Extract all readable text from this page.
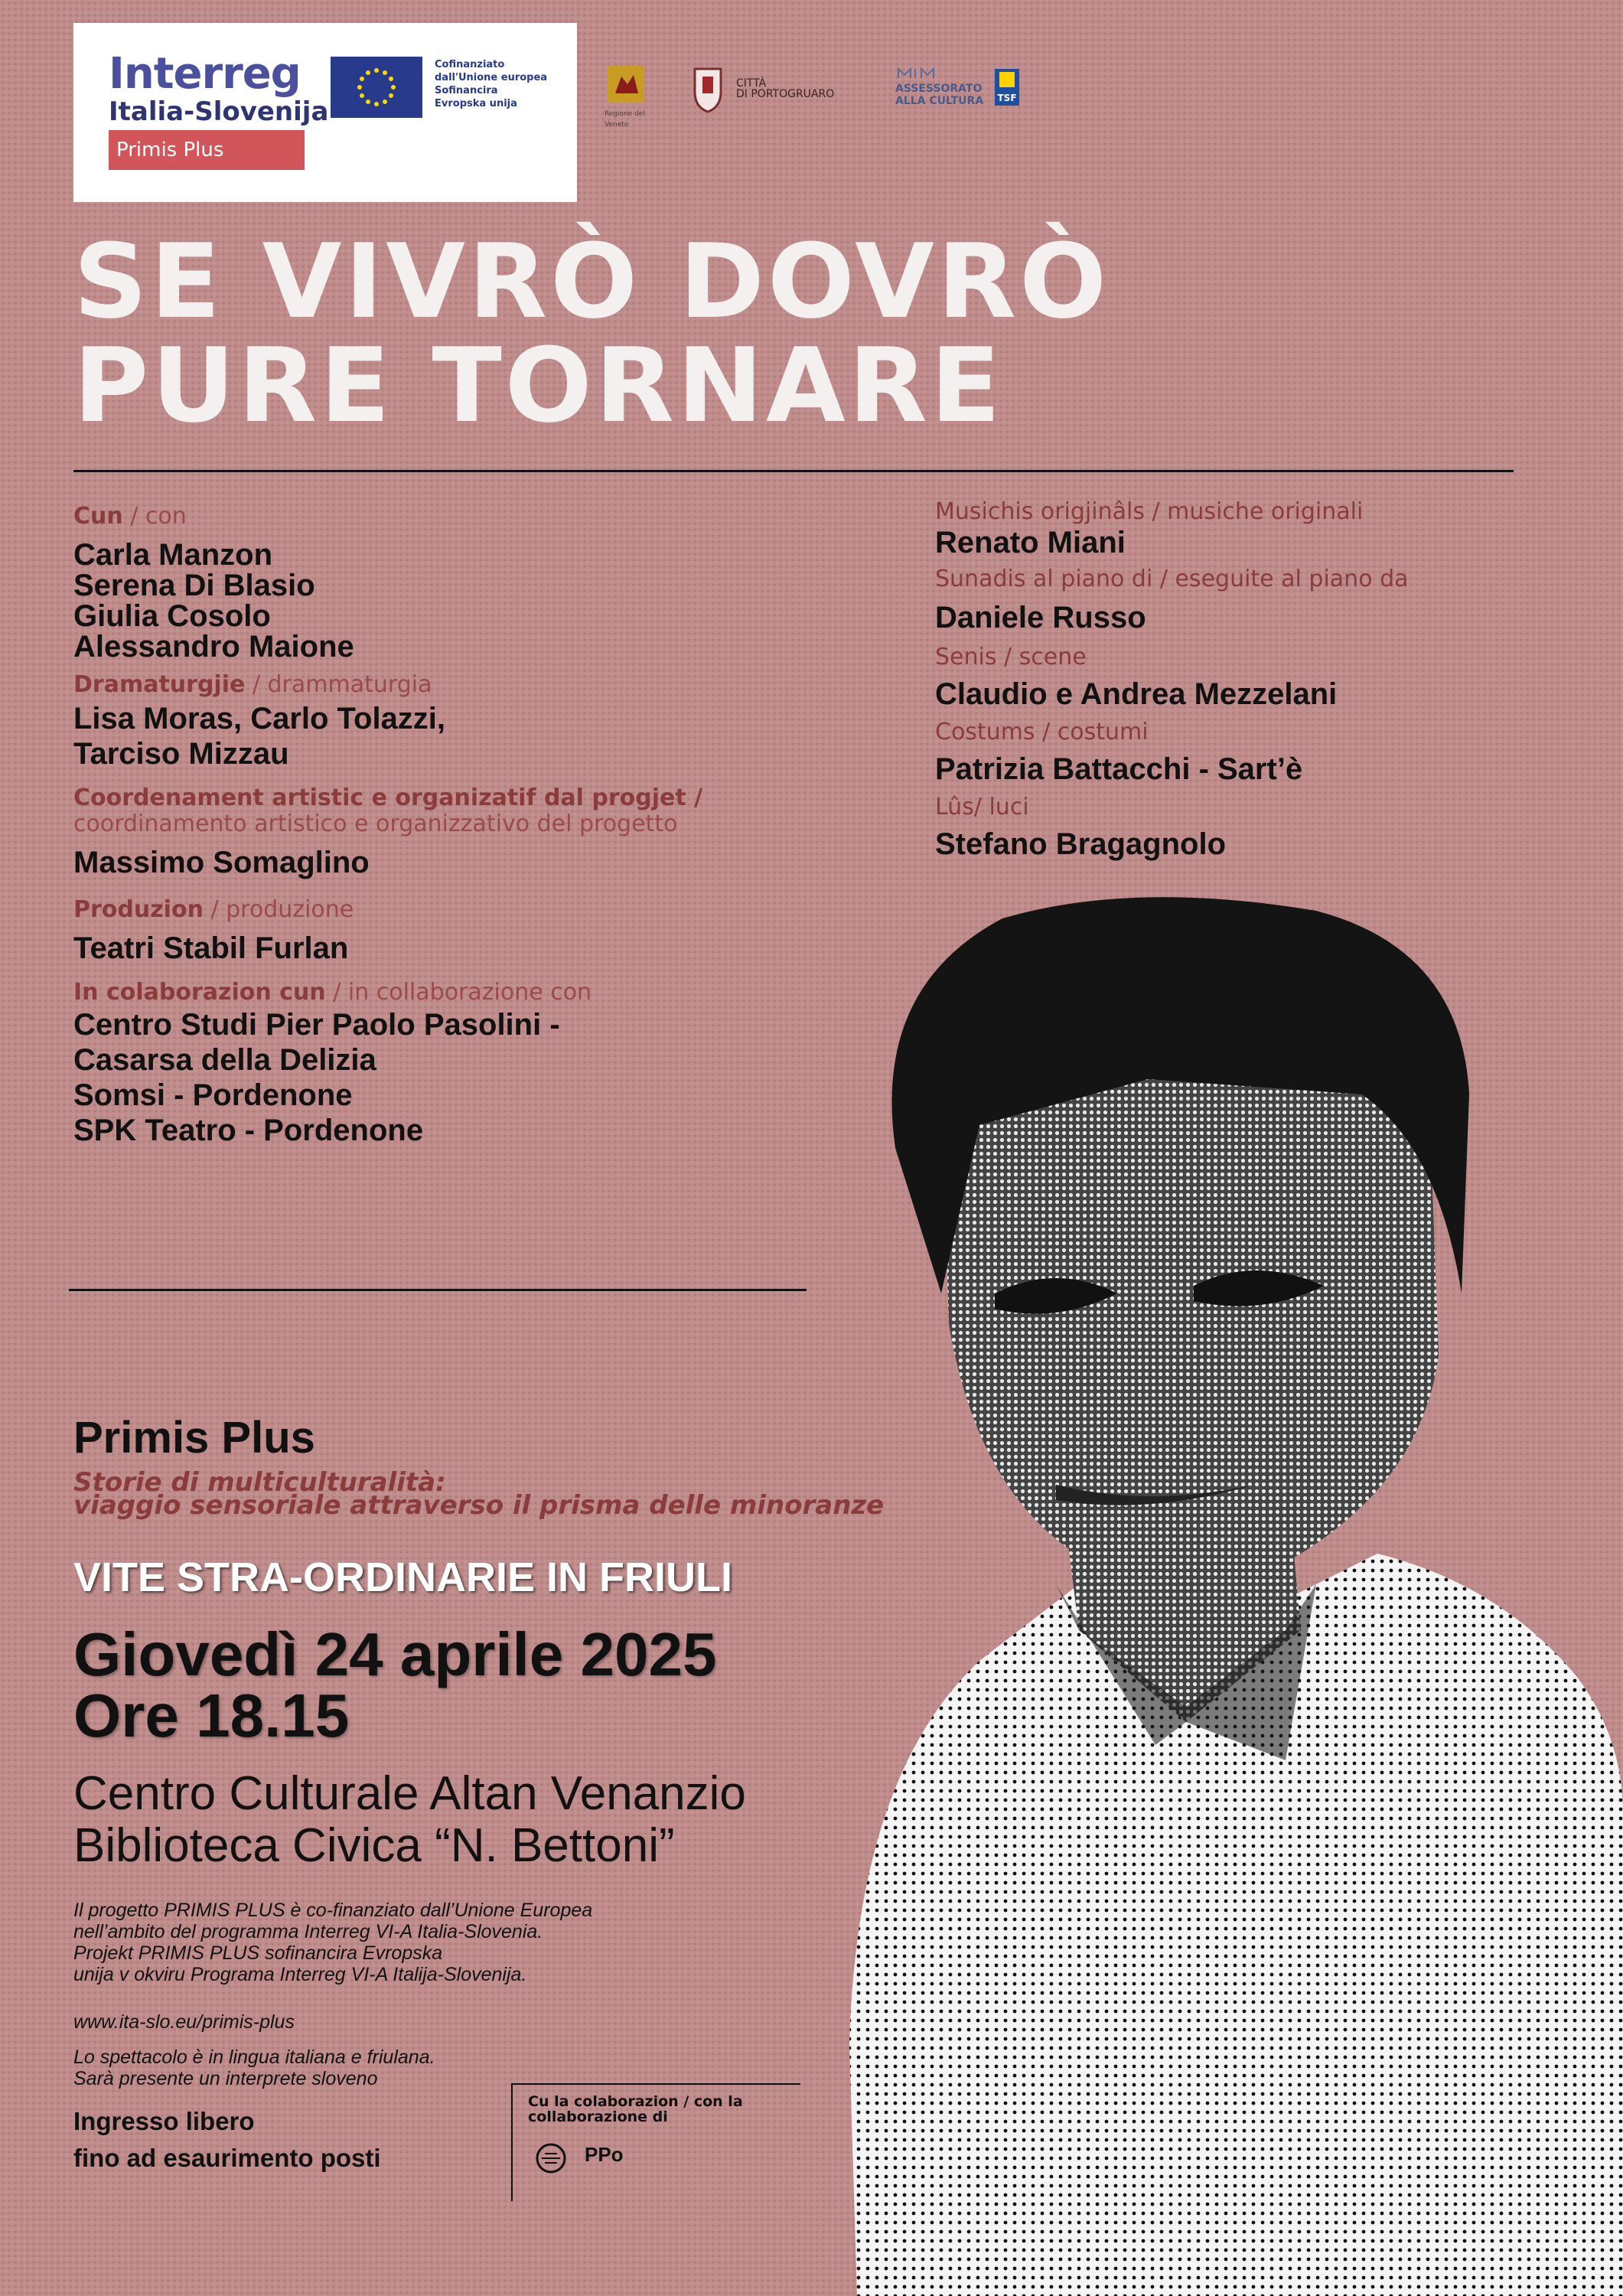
Interreg
Italia-Slovenija
Primis Plus
Cofinanziato
dall'Unione europea
Sofinancira
Evropska unija
Regione del Veneto
CITTÀ
DI PORTOGRUARO	ASSESSORATO
ALLA CULTURA TSF
SE VIVRÒ DOVRÒ
PURE TORNARE
Cun / con
Carla Manzon
Serena Di Blasio
Giulia Cosolo
Alessandro Maione
Dramaturgjie / drammaturgia
Lisa Moras, Carlo Tolazzi,
Tarciso Mizzau
Coordenament artistic e organizatif dal progjet /
coordinamento artistico e organizzativo del progetto
Massimo Somaglino
Produzion / produzione
Teatri Stabil Furlan
In colaborazion cun / in collaborazione con
Centro Studi Pier Paolo Pasolini -
Casarsa della Delizia
Somsi - Pordenone
SPK Teatro - Pordenone
Musichis origjinâls / musiche originali
Renato Miani
Sunadis al piano di / eseguite al piano da
Daniele Russo
Senis / scene
Claudio e Andrea Mezzelani
Costums / costumi
Patrizia Battacchi - Sart’è
Lûs/ luci
Stefano Bragagnolo
Primis Plus
Storie di multiculturalità:
viaggio sensoriale attraverso il prisma delle minoranze
VITE STRA-ORDINARIE IN FRIULI
Giovedì 24 aprile 2025
Ore 18.15
Centro Culturale Altan Venanzio
Biblioteca Civica “N. Bettoni”
Il progetto PRIMIS PLUS è co-finanziato dall’Unione Europea
nell’ambito del programma Interreg VI-A Italia-Slovenia.
Projekt PRIMIS PLUS sofinancira Evropska
unija v okviru Programa Interreg VI-A Italija-Slovenija.
www.ita-slo.eu/primis-plus
Lo spettacolo è in lingua italiana e friulana.
Sarà presente un interprete sloveno
Ingresso libero
fino ad esaurimento posti
Cu la colaborazion / con la collaborazione di
PPo
